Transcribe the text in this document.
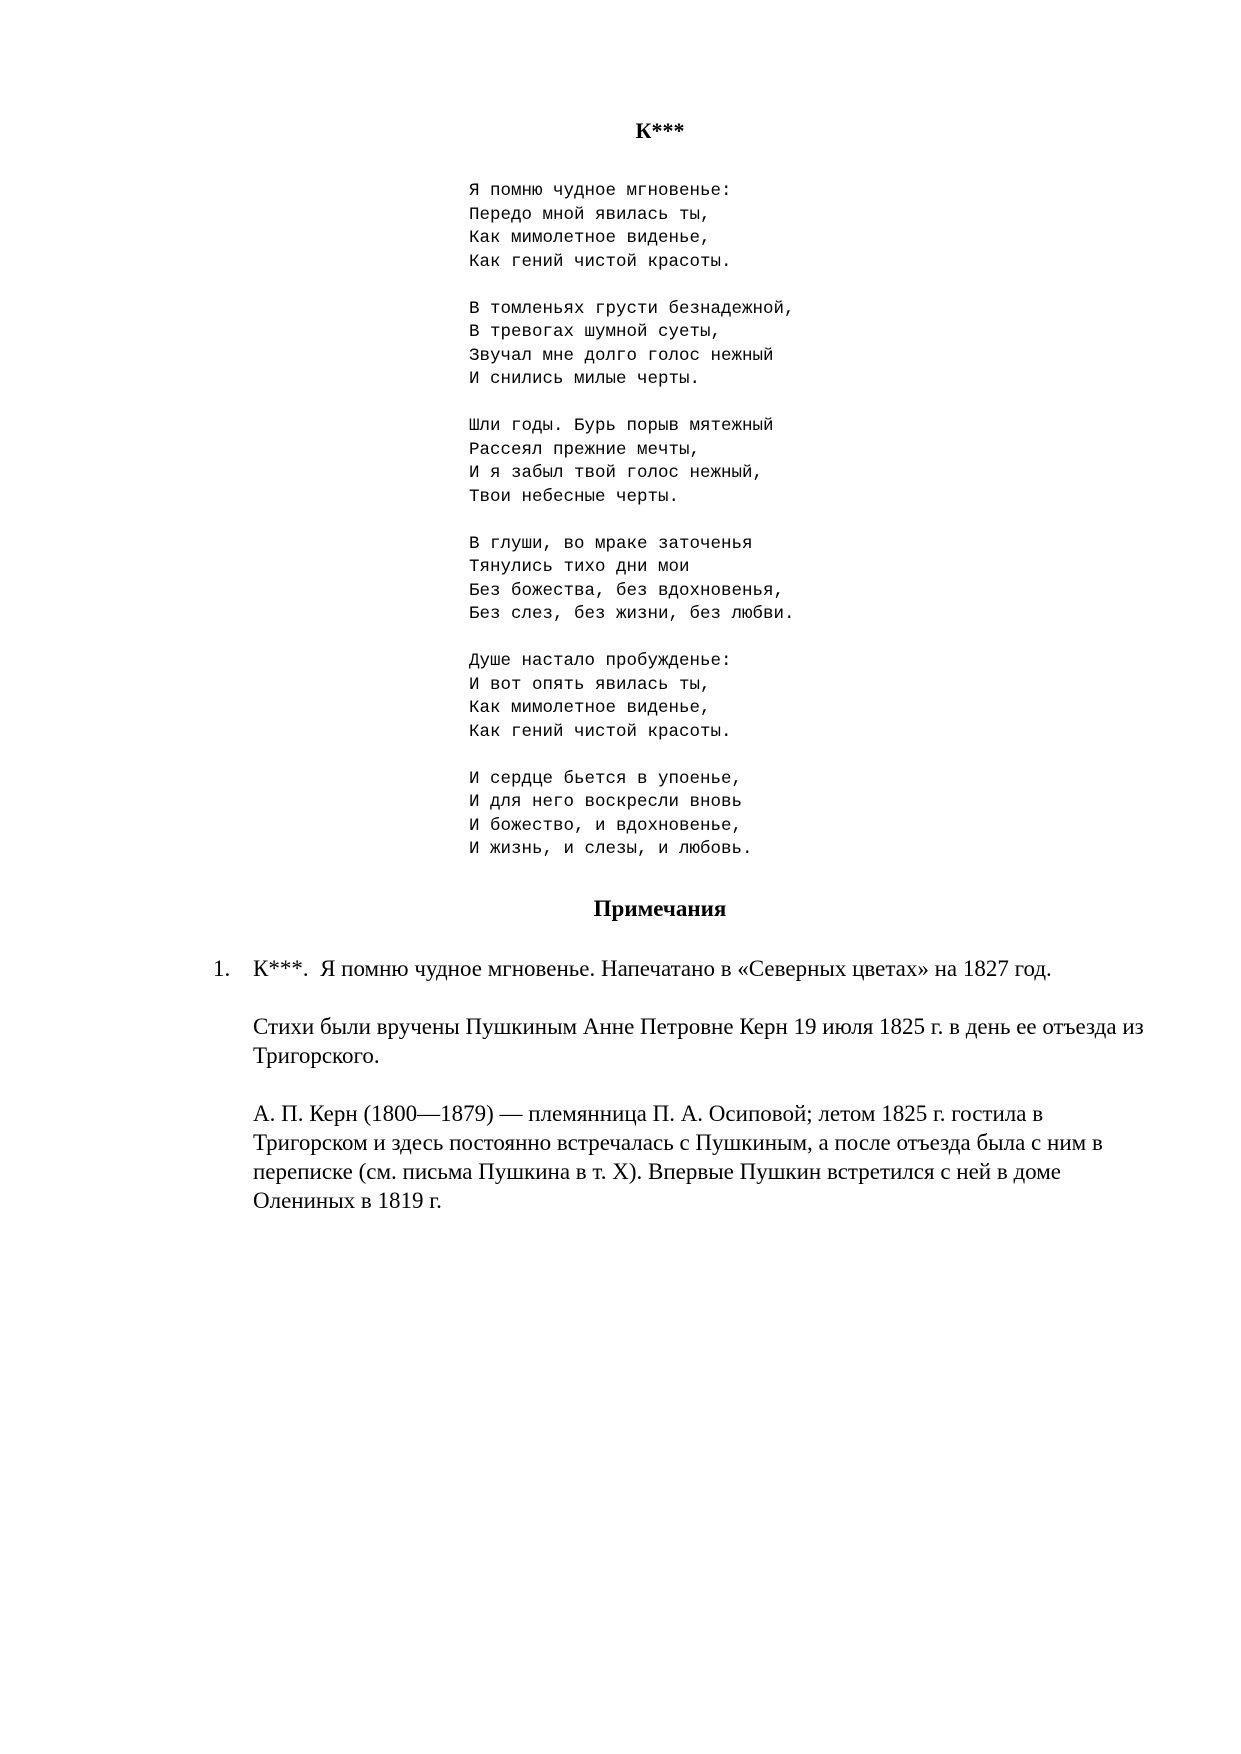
К***
Я помню чудное мгновенье:
Передо мной явилась ты,
Как мимолетное виденье,
Как гений чистой красоты.
В томленьях грусти безнадежной,
В тревогах шумной суеты,
Звучал мне долго голос нежный
И снились милые черты.
Шли годы. Бурь порыв мятежный
Рассеял прежние мечты,
И я забыл твой голос нежный,
Твои небесные черты.
В глуши, во мраке заточенья
Тянулись тихо дни мои
Без божества, без вдохновенья,
Без слез, без жизни, без любви.
Душе настало пробужденье:
И вот опять явилась ты,
Как мимолетное виденье,
Как гений чистой красоты.
И сердце бьется в упоенье,
И для него воскресли вновь
И божество, и вдохновенье,
И жизнь, и слезы, и любовь.
Примечания
1. К***.  Я помню чудное мгновенье. Напечатано в «Северных цветах» на 1827 год.

Стихи были вручены Пушкиным Анне Петровне Керн 19 июля 1825 г. в день ее отъезда из Тригорского.

А. П. Керн (1800—1879) — племянница П. А. Осиповой; летом 1825 г. гостила в Тригорском и здесь постоянно встречалась с Пушкиным, а после отъезда была с ним в переписке (см. письма Пушкина в т. X). Впервые Пушкин встретился с ней в доме Олениных в 1819 г.
